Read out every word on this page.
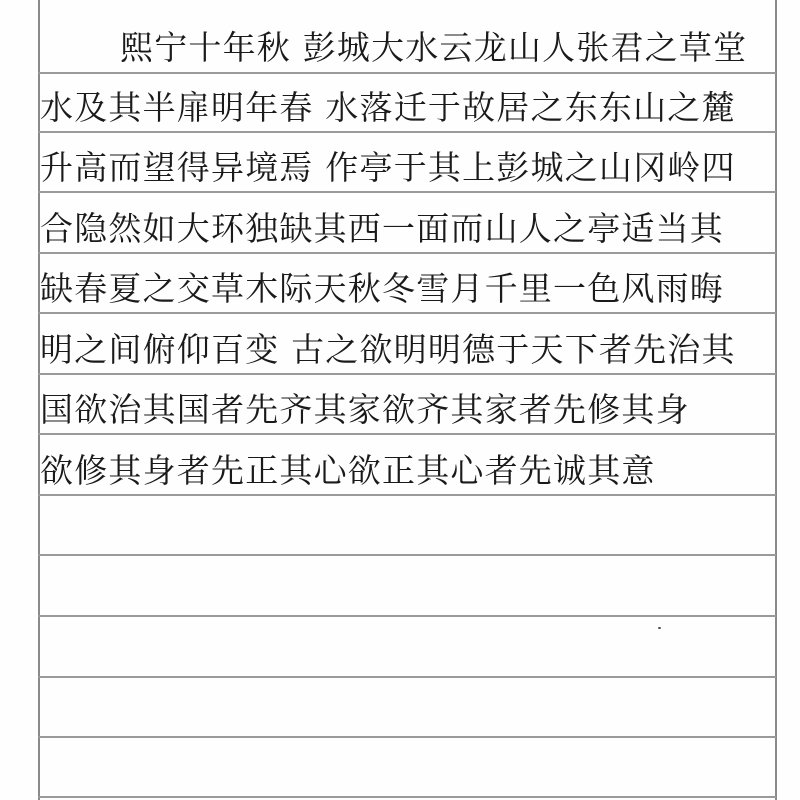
熙宁十年秋 彭城大水云龙山人张君之草堂
水及其半扉明年春 水落迁于故居之东东山之麓
升高而望得异境焉 作亭于其上彭城之山冈岭四
合隐然如大环独缺其西一面而山人之亭适当其
缺春夏之交草木际天秋冬雪月千里一色风雨晦
明之间俯仰百变 古之欲明明德于天下者先治其
国欲治其国者先齐其家欲齐其家者先修其身
欲修其身者先正其心欲正其心者先诚其意
